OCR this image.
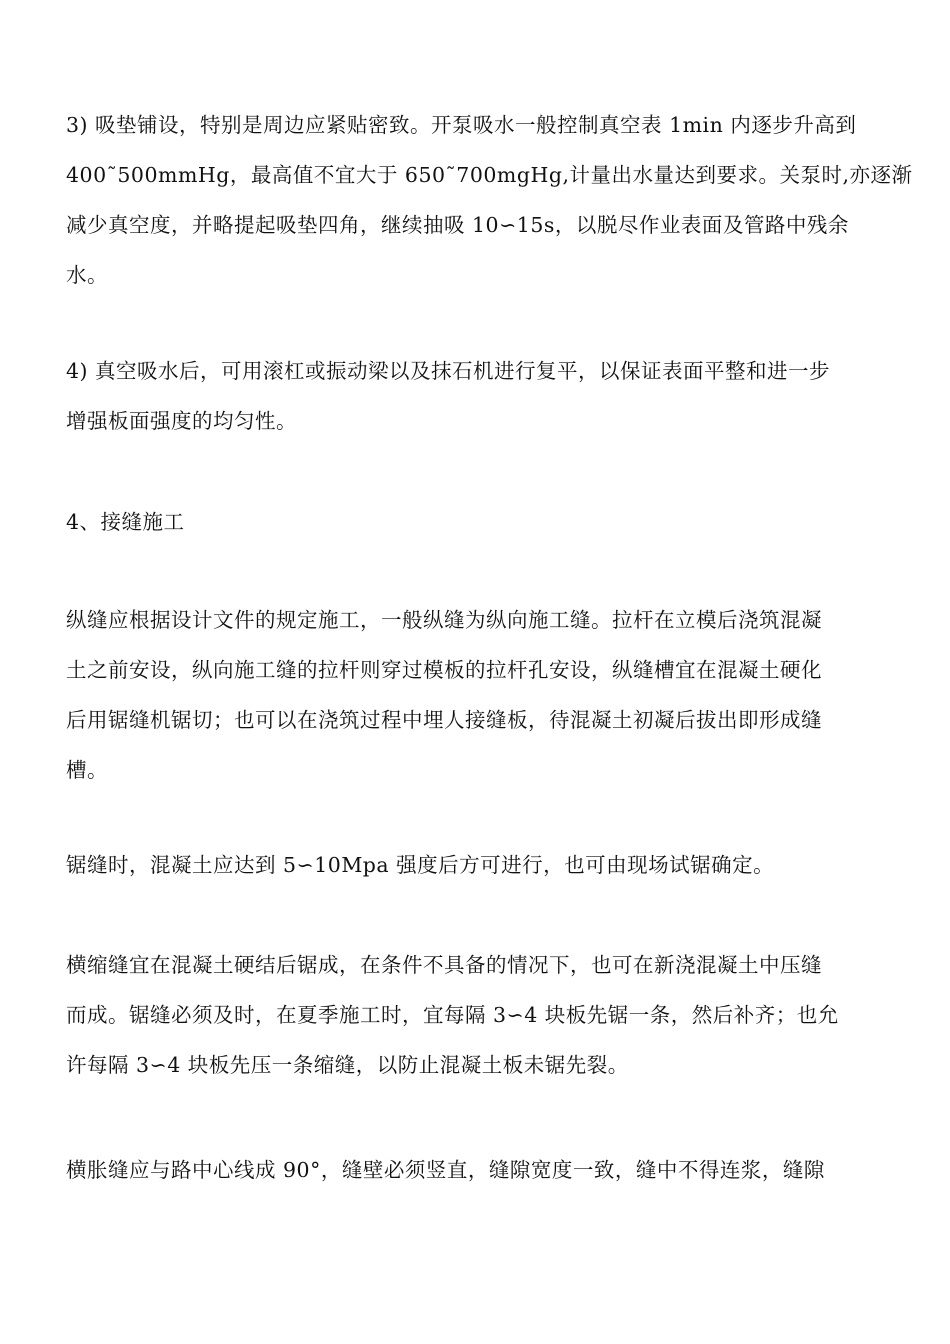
3) 吸垫铺设，特别是周边应紧贴密致。开泵吸水一般控制真空表 1min 内逐步升高到
400˜500mmHg，最高值不宜大于 650˜700mgHg,计量出水量达到要求。关泵时,亦逐渐
减少真空度，并略提起吸垫四角，继续抽吸 10∽15s，以脱尽作业表面及管路中残余
水。

4) 真空吸水后，可用滚杠或振动梁以及抹石机进行复平，以保证表面平整和进一步
增强板面强度的均匀性。

4、接缝施工

纵缝应根据设计文件的规定施工，一般纵缝为纵向施工缝。拉杆在立模后浇筑混凝
土之前安设，纵向施工缝的拉杆则穿过模板的拉杆孔安设，纵缝槽宜在混凝土硬化
后用锯缝机锯切；也可以在浇筑过程中埋人接缝板，待混凝土初凝后拔出即形成缝
槽。

锯缝时，混凝土应达到 5∽10Mpa 强度后方可进行，也可由现场试锯确定。

横缩缝宜在混凝土硬结后锯成，在条件不具备的情况下，也可在新浇混凝土中压缝
而成。锯缝必须及时，在夏季施工时，宜每隔 3∽4 块板先锯一条，然后补齐；也允
许每隔 3∽4 块板先压一条缩缝，以防止混凝土板未锯先裂。

横胀缝应与路中心线成 90°，缝壁必须竖直，缝隙宽度一致，缝中不得连浆，缝隙
